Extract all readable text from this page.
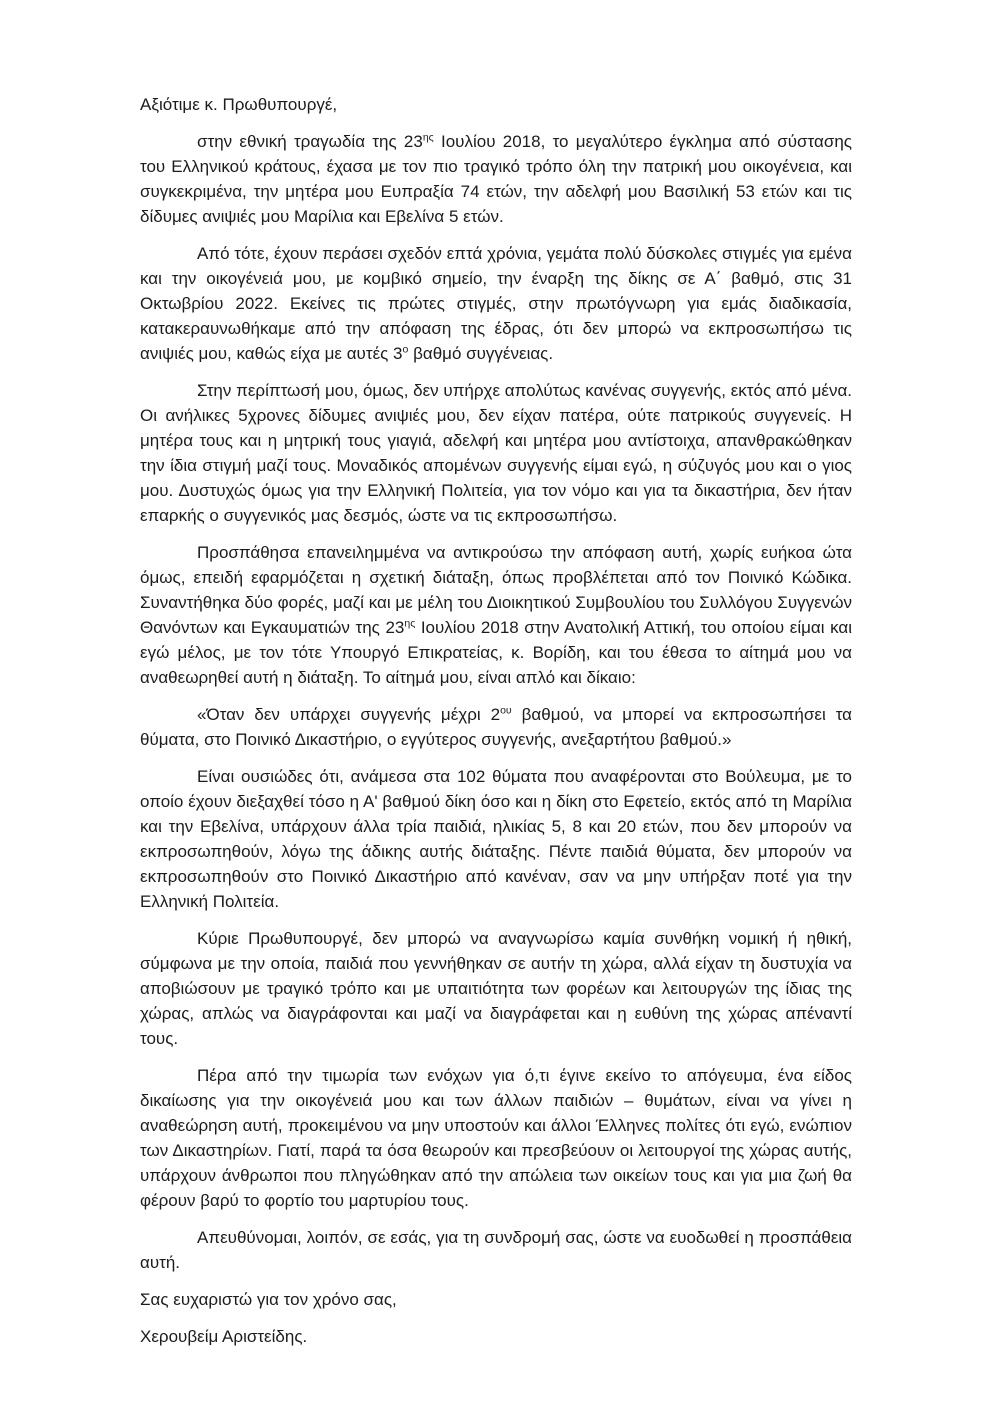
Αξιότιμε κ. Πρωθυπουργέ,

στην εθνική τραγωδία της $23^{\eta\varsigma}$ Ιουλίου 2018, το μεγαλύτερο έγκλημα από σύστασης του Ελληνικού κράτους, έχασα με τον πιο τραγικό τρόπο όλη την πατρική μου οικογένεια, και συγκεκριμένα, την μητέρα μου Ευπραξία 74 ετών, την αδελφή μου Βασιλική 53 ετών και τις δίδυμες ανιψιές μου Μαρίλια και Εβελίνα 5 ετών.

Από τότε, έχουν περάσει σχεδόν επτά χρόνια, γεμάτα πολύ δύσκολες στιγμές για εμένα και την οικογένειά μου, με κομβικό σημείο, την έναρξη της δίκης σε Α΄ βαθμό, στις 31 Οκτωβρίου 2022. Εκείνες τις πρώτες στιγμές, στην πρωτόγνωρη για εμάς διαδικασία, κατακεραυνωθήκαμε από την απόφαση της έδρας, ότι δεν μπορώ να εκπροσωπήσω τις ανιψιές μου, καθώς είχα με αυτές $3^o$ βαθμό συγγένειας.

Στην περίπτωσή μου, όμως, δεν υπήρχε απολύτως κανένας συγγενής, εκτός από μένα. Οι ανήλικες 5χρονες δίδυμες ανιψιές μου, δεν είχαν πατέρα, ούτε πατρικούς συγγενείς. Η μητέρα τους και η μητρική τους γιαγιά, αδελφή και μητέρα μου αντίστοιχα, απανθρακώθηκαν την ίδια στιγμή μαζί τους. Μοναδικός απομένων συγγενής είμαι εγώ, η σύζυγός μου και ο γιος μου. Δυστυχώς όμως για την Ελληνική Πολιτεία, για τον νόμο και για τα δικαστήρια, δεν ήταν επαρκής ο συγγενικός μας δεσμός, ώστε να τις εκπροσωπήσω.

Προσπάθησα επανειλημμένα να αντικρούσω την απόφαση αυτή, χωρίς ευήκοα ώτα όμως, επειδή εφαρμόζεται η σχετική διάταξη, όπως προβλέπεται από τον Ποινικό Κώδικα. Συναντήθηκα δύο φορές, μαζί και με μέλη του Διοικητικού Συμβουλίου του Συλλόγου Συγγενών Θανόντων και Εγκαυματιών της $23^{\eta\varsigma}$ Ιουλίου 2018 στην Ανατολική Αττική, του οποίου είμαι και εγώ μέλος, με τον τότε Υπουργό Επικρατείας, κ. Βορίδη, και του έθεσα το αίτημά μου να αναθεωρηθεί αυτή η διάταξη. Το αίτημά μου, είναι απλό και δίκαιο:

«Όταν δεν υπάρχει συγγενής μέχρι $2^{o\upsilon}$ βαθμού, να μπορεί να εκπροσωπήσει τα θύματα, στο Ποινικό Δικαστήριο, ο εγγύτερος συγγενής, ανεξαρτήτου βαθμού.»

Είναι ουσιώδες ότι, ανάμεσα στα 102 θύματα που αναφέρονται στο Βούλευμα, με το οποίο έχουν διεξαχθεί τόσο η Α' βαθμού δίκη όσο και η δίκη στο Εφετείο, εκτός από τη Μαρίλια και την Εβελίνα, υπάρχουν άλλα τρία παιδιά, ηλικίας 5, 8 και 20 ετών, που δεν μπορούν να εκπροσωπηθούν, λόγω της άδικης αυτής διάταξης. Πέντε παιδιά θύματα, δεν μπορούν να εκπροσωπηθούν στο Ποινικό Δικαστήριο από κανέναν, σαν να μην υπήρξαν ποτέ για την Ελληνική Πολιτεία.

Κύριε Πρωθυπουργέ, δεν μπορώ να αναγνωρίσω καμία συνθήκη νομική ή ηθική, σύμφωνα με την οποία, παιδιά που γεννήθηκαν σε αυτήν τη χώρα, αλλά είχαν τη δυστυχία να αποβιώσουν με τραγικό τρόπο και με υπαιτιότητα των φορέων και λειτουργών της ίδιας της χώρας, απλώς να διαγράφονται και μαζί να διαγράφεται και η ευθύνη της χώρας απέναντί τους.

Πέρα από την τιμωρία των ενόχων για ό,τι έγινε εκείνο το απόγευμα, ένα είδος δικαίωσης για την οικογένειά μου και των άλλων παιδιών – θυμάτων, είναι να γίνει η αναθεώρηση αυτή, προκειμένου να μην υποστούν και άλλοι Έλληνες πολίτες ότι εγώ, ενώπιον των Δικαστηρίων. Γιατί, παρά τα όσα θεωρούν και πρεσβεύουν οι λειτουργοί της χώρας αυτής, υπάρχουν άνθρωποι που πληγώθηκαν από την απώλεια των οικείων τους και για μια ζωή θα φέρουν βαρύ το φορτίο του μαρτυρίου τους.

Απευθύνομαι, λοιπόν, σε εσάς, για τη συνδρομή σας, ώστε να ευοδωθεί η προσπάθεια αυτή.

Σας ευχαριστώ για τον χρόνο σας,

Χερουβείμ Αριστείδης.
